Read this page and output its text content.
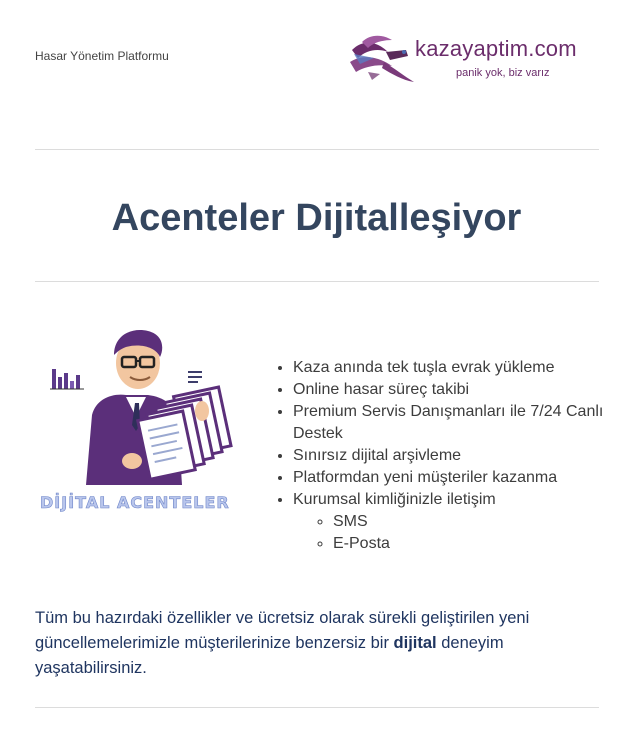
Hasar Yönetim Platformu	kazayaptim.com
panik yok, biz varız
Acenteler Dijitalleşiyor
DİJİTAL ACENTELER
• Kaza anında tek tuşla evrak yükleme
• Online hasar süreç takibi
• Premium Servis Danışmanları ile 7/24 Canlı Destek
• Sınırsız dijital arşivleme
• Platformdan yeni müşteriler kazanma
• Kurumsal kimliğinizle iletişim
◦ SMS
◦ E-Posta
Tüm bu hazırdaki özellikler ve ücretsiz olarak sürekli geliştirilen yeni güncellemelerimizle müşterilerinize benzersiz bir dijital deneyim yaşatabilirsiniz.
